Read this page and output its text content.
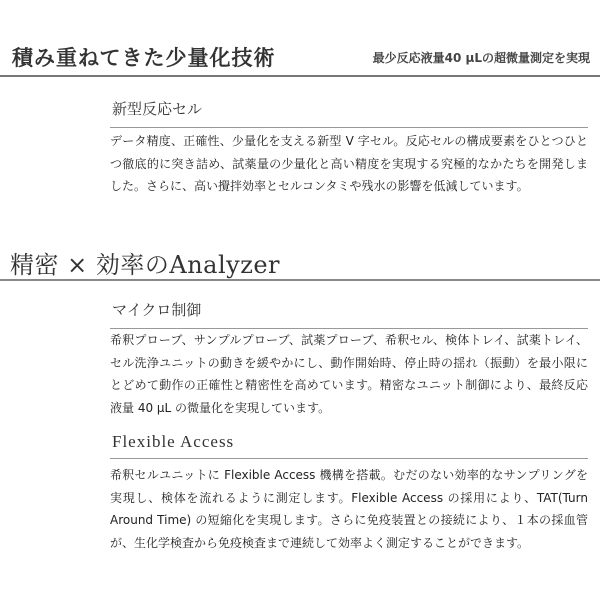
積み重ねてきた少量化技術	最少反応液量40 μLの超微量測定を実現
新型反応セル

データ精度、正確性、少量化を支える新型 V 字セル。反応セルの構成要素をひとつひとつ徹底的に突き詰め、試薬量の少量化と高い精度を実現する究極的なかたちを開発しました。さらに、高い攪拌効率とセルコンタミや残水の影響を低減しています。

精密 × 効率のAnalyzer
マイクロ制御

希釈プローブ、サンプルプローブ、試薬プローブ、希釈セル、検体トレイ、試薬トレイ、セル洗浄ユニットの動きを緩やかにし、動作開始時、停止時の揺れ（振動）を最小限にとどめて動作の正確性と精密性を高めています。精密なユニット制御により、最終反応液量 40 μL の微量化を実現しています。

Flexible Access

希釈セルユニットに Flexible Access 機構を搭載。むだのない効率的なサンプリングを実現し、検体を流れるように測定します。Flexible Access の採用により、TAT(Turn Around Time) の短縮化を実現します。さらに免疫装置との接続により、１本の採血管が、生化学検査から免疫検査まで連続して効率よく測定することができます。
